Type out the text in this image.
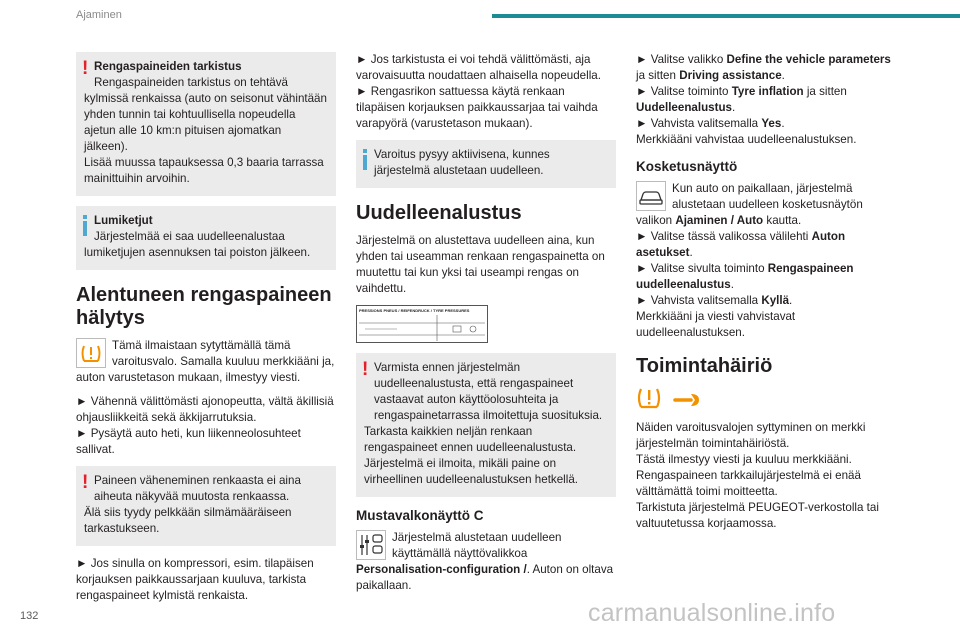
Ajaminen
! Rengaspaineiden tarkistus

Rengaspaineiden tarkistus on tehtävä

kylmissä renkaissa (auto on seisonut vähintään yhden tunnin tai kohtuullisella nopeudella ajetun alle 10 km:n pituisen ajomatkan jälkeen).

Lisää muussa tapauksessa 0,3 baaria tarrassa mainittuihin arvoihin.

Lumiketjut

Järjestelmää ei saa uudelleenalustaa

lumiketjujen asennuksen tai poiston jälkeen.

Alentuneen rengaspaineen hälytys
Tämä ilmaistaan sytyttämällä tämä varoitusvalo. Samalla kuuluu merkkiääni ja, auton varustetason mukaan, ilmestyy viesti.

► Vähennä välittömästi ajonopeutta, vältä äkillisiä ohjausliikkeitä sekä äkkijarrutuksia.

► Pysäytä auto heti, kun liikenneolosuhteet sallivat.

! Paineen väheneminen renkaasta ei aina

aiheuta näkyvää muutosta renkaassa.

Älä siis tyydy pelkkään silmämääräiseen tarkastukseen.

► Jos sinulla on kompressori, esim. tilapäisen korjauksen paikkaussarjaan kuuluva, tarkista rengaspaineet kylmistä renkaista.

► Jos tarkistusta ei voi tehdä välittömästi, aja varovaisuutta noudattaen alhaisella nopeudella.

► Rengasrikon sattuessa käytä renkaan tilapäisen korjauksen paikkaussarjaa tai vaihda varapyörä (varustetason mukaan).

Varoitus pysyy aktiivisena, kunnes

järjestelmä alustetaan uudelleen.

Uudelleenalustus

Järjestelmä on alustettava uudelleen aina, kun yhden tai useamman renkaan rengaspainetta on muutettu tai kun yksi tai useampi rengas on vaihdettu.

PRESSIONS PNEUS / REIFENDRUCK / TYRE PRESSURES
! Varmista ennen järjestelmän

uudelleenalustusta, että rengaspaineet vastaavat auton käyttöolosuhteita ja rengaspainetarrassa ilmoitettuja suosituksia.

Tarkasta kaikkien neljän renkaan rengaspaineet ennen uudelleenalustusta.

Järjestelmä ei ilmoita, mikäli paine on virheellinen uudelleenalustuksen hetkellä.

Mustavalkonäyttö C
Järjestelmä alustetaan uudelleen käyttämällä näyttövalikkoa Personalisation-configuration /. Auton on oltava paikallaan.

► Valitse valikko Define the vehicle parameters ja sitten Driving assistance.

► Valitse toiminto Tyre inflation ja sitten Uudelleenalustus.

► Vahvista valitsemalla Yes.

Merkkiääni vahvistaa uudelleenalustuksen.

Kosketusnäyttö
Kun auto on paikallaan, järjestelmä alustetaan uudelleen kosketusnäytön valikon Ajaminen / Auto kautta.

► Valitse tässä valikossa välilehti Auton asetukset.

► Valitse sivulta toiminto Rengaspaineen uudelleenalustus.

► Vahvista valitsemalla Kyllä.

Merkkiääni ja viesti vahvistavat uudelleenalustuksen.

Toimintahäiriö

Näiden varoitusvalojen syttyminen on merkki järjestelmän toimintahäiriöstä.

Tästä ilmestyy viesti ja kuuluu merkkiääni.

Rengaspaineen tarkkailujärjestelmä ei enää välttämättä toimi moitteetta.

Tarkistuta järjestelmä PEUGEOT-verkostolla tai valtuutetussa korjaamossa.

132	carmanualsonline.info
